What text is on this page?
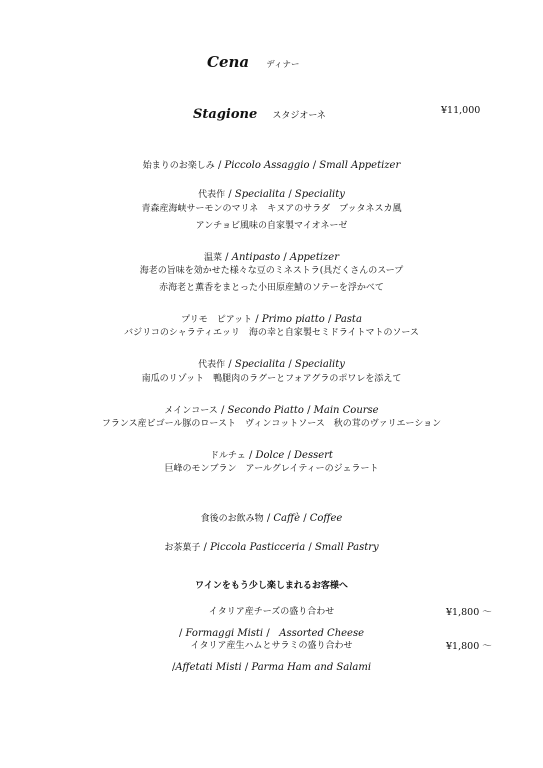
Cena ディナー
Stagione スタジオーネ	¥11,000
始まりのお楽しみ / Piccolo Assaggio / Small Appetizer
代表作 / Specialita / Speciality
青森産海峡サーモンのマリネ　キヌアのサラダ　ブッタネスカ風
アンチョビ風味の自家製マイオネーゼ
温菜 / Antipasto / Appetizer
海老の旨味を効かせた様々な豆のミネストラ(具だくさんのスープ
赤海老と薫香をまとった小田原産鯖のソテーを浮かべて
プリモ　ピアット / Primo piatto / Pasta
バジリコのシャラティエッリ　海の幸と自家製セミドライトマトのソース
代表作 / Specialita / Speciality
南瓜のリゾット　鴨腿肉のラグーとフォアグラのポワレを添えて
メインコース / Secondo Piatto / Main Course
フランス産ビゴール豚のロースト　ヴィンコットソース　秋の茸のヴァリエーション
ドルチェ / Dolce / Dessert
巨峰のモンブラン　アールグレイティーのジェラート
食後のお飲み物 / Caffè / Coffee
お茶菓子 / Piccola Pasticceria / Small Pastry
ワインをもう少し楽しまれるお客様へ
イタリア産チーズの盛り合わせ	¥1,800 ～
/ Formaggi Misti /   Assorted Cheese
イタリア産生ハムとサラミの盛り合わせ	¥1,800 ～
/Affetati Misti / Parma Ham and Salami
